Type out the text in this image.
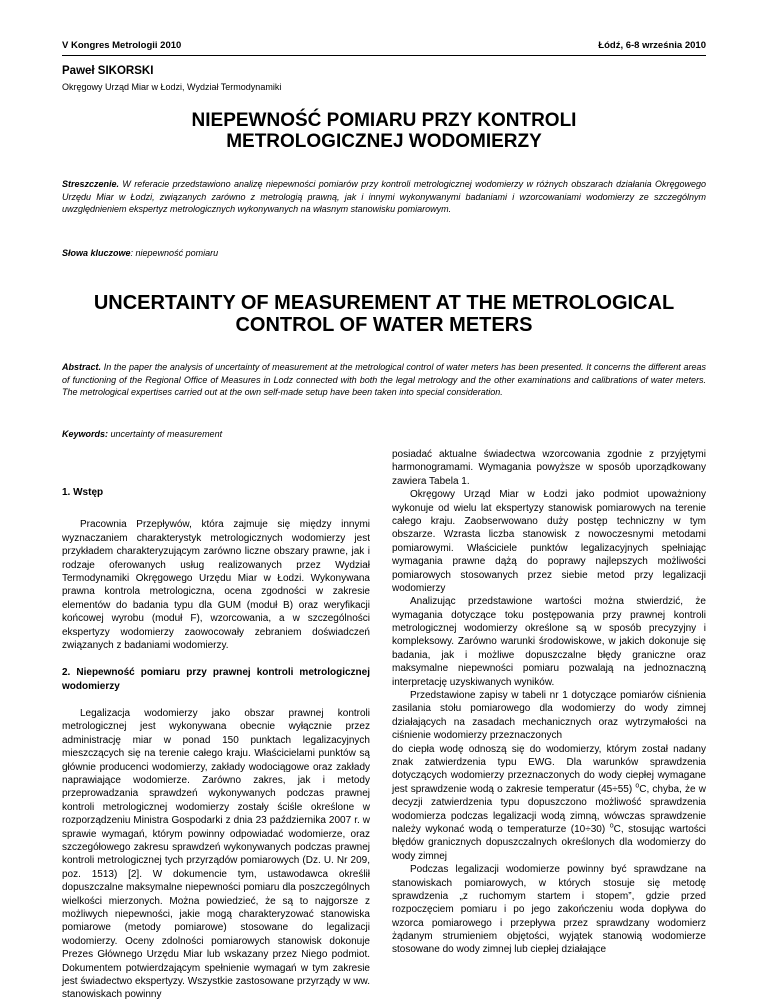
V Kongres Metrologii 2010	Łódź, 6-8 września 2010
Paweł SIKORSKI
Okręgowy Urząd Miar w Łodzi, Wydział Termodynamiki
NIEPEWNOŚĆ POMIARU PRZY KONTROLI
METROLOGICZNEJ WODOMIERZY
Streszczenie. W referacie przedstawiono analizę niepewności pomiarów przy kontroli metrologicznej wodomierzy w różnych obszarach działania Okręgowego Urzędu Miar w Łodzi, związanych zarówno z metrologią prawną, jak i innymi wykonywanymi badaniami i wzorcowaniami wodomierzy ze szczególnym uwzględnieniem ekspertyz metrologicznych wykonywanych na własnym stanowisku pomiarowym.
Słowa kluczowe: niepewność pomiaru
UNCERTAINTY OF MEASUREMENT AT THE METROLOGICAL
CONTROL OF WATER METERS
Abstract. In the paper the analysis of uncertainty of measurement at the metrological control of water meters has been presented. It concerns the different areas of functioning of the Regional Office of Measures in Lodz connected with both the legal metrology and the other examinations and calibrations of water meters. The metrological expertises carried out at the own self-made setup have been taken into special consideration.
Keywords: uncertainty of measurement

1. Wstęp

Pracownia Przepływów, która zajmuje się między innymi wyznaczaniem charakterystyk metrologicznych wodomierzy jest przykładem charakteryzującym zarówno liczne obszary prawne, jak i rodzaje oferowanych usług realizowanych przez Wydział Termodynamiki Okręgowego Urzędu Miar w Łodzi. Wykonywana prawna kontrola metrologiczna, ocena zgodności w zakresie elementów do badania typu dla GUM (moduł B) oraz weryfikacji końcowej wyrobu (moduł F), wzorcowania, a w szczególności ekspertyzy wodomierzy zaowocowały zebraniem doświadczeń związanych z badaniami wodomierzy.

2. Niepewność pomiaru przy prawnej kontroli metrologicznej wodomierzy

Legalizacja wodomierzy jako obszar prawnej kontroli metrologicznej jest wykonywana obecnie wyłącznie przez administrację miar w ponad 150 punktach legalizacyjnych mieszczących się na terenie całego kraju. Właścicielami punktów są głównie producenci wodomierzy, zakłady wodociągowe oraz zakłady naprawiające wodomierze. Zarówno zakres, jak i metody przeprowadzania sprawdzeń wykonywanych podczas prawnej kontroli metrologicznej wodomierzy zostały ściśle określone w rozporządzeniu Ministra Gospodarki z dnia 23 października 2007 r. w sprawie wymagań, którym powinny odpowiadać wodomierze, oraz szczegółowego zakresu sprawdzeń wykonywanych podczas prawnej kontroli metrologicznej tych przyrządów pomiarowych (Dz. U. Nr 209, poz. 1513) [2]. W dokumencie tym, ustawodawca określił dopuszczalne maksymalne niepewności pomiaru dla poszczególnych wielkości mierzonych. Można powiedzieć, że są to najgorsze z możliwych niepewności, jakie mogą charakteryzować stanowiska pomiarowe (metody pomiarowe) stosowane do legalizacji wodomierzy. Oceny zdolności pomiarowych stanowisk dokonuje Prezes Głównego Urzędu Miar lub wskazany przez Niego podmiot. Dokumentem potwierdzającym spełnienie wymagań w tym zakresie jest świadectwo ekspertyzy. Wszystkie zastosowane przyrządy w ww. stanowiskach powinny

posiadać aktualne świadectwa wzorcowania zgodnie z przyjętymi harmonogramami. Wymagania powyższe w sposób uporządkowany zawiera Tabela 1.

Okręgowy Urząd Miar w Łodzi jako podmiot upoważniony wykonuje od wielu lat ekspertyzy stanowisk pomiarowych na terenie całego kraju. Zaobserwowano duży postęp techniczny w tym obszarze. Wzrasta liczba stanowisk z nowoczesnymi metodami pomiarowymi. Właściciele punktów legalizacyjnych spełniając wymagania prawne dążą do poprawy najlepszych możliwości pomiarowych stosowanych przez siebie metod przy legalizacji wodomierzy

Analizując przedstawione wartości można stwierdzić, że wymagania dotyczące toku postępowania przy prawnej kontroli metrologicznej wodomierzy określone są w sposób precyzyjny i kompleksowy. Zarówno warunki środowiskowe, w jakich dokonuje się badania, jak i możliwe dopuszczalne błędy graniczne oraz maksymalne niepewności pomiaru pozwalają na jednoznaczną interpretację uzyskiwanych wyników.

Przedstawione zapisy w tabeli nr 1 dotyczące pomiarów ciśnienia zasilania stołu pomiarowego dla wodomierzy do wody zimnej działających na zasadach mechanicznych oraz wytrzymałości na ciśnienie wodomierzy przeznaczonych

do ciepła wodę odnoszą się do wodomierzy, którym został nadany znak zatwierdzenia typu EWG. Dla warunków sprawdzenia dotyczących wodomierzy przeznaczonych do wody ciepłej wymagane jest sprawdzenie wodą o zakresie temperatur (45÷55) $^o$C, chyba, że w decyzji zatwierdzenia typu dopuszczono możliwość sprawdzenia wodomierza podczas legalizacji wodą zimną, wówczas sprawdzenie należy wykonać wodą o temperaturze (10÷30) $^o$C, stosując wartości błędów granicznych dopuszczalnych określonych dla wodomierzy do wody zimnej

Podczas legalizacji wodomierze powinny być sprawdzane na stanowiskach pomiarowych, w których stosuje się metodę sprawdzenia „z ruchomym startem i stopem”, gdzie przed rozpoczęciem pomiaru i po jego zakończeniu woda dopływa do wzorca pomiarowego i przepływa przez sprawdzany wodomierz żądanym strumieniem objętości, wyjątek stanowią wodomierze stosowane do wody zimnej lub ciepłej działające
